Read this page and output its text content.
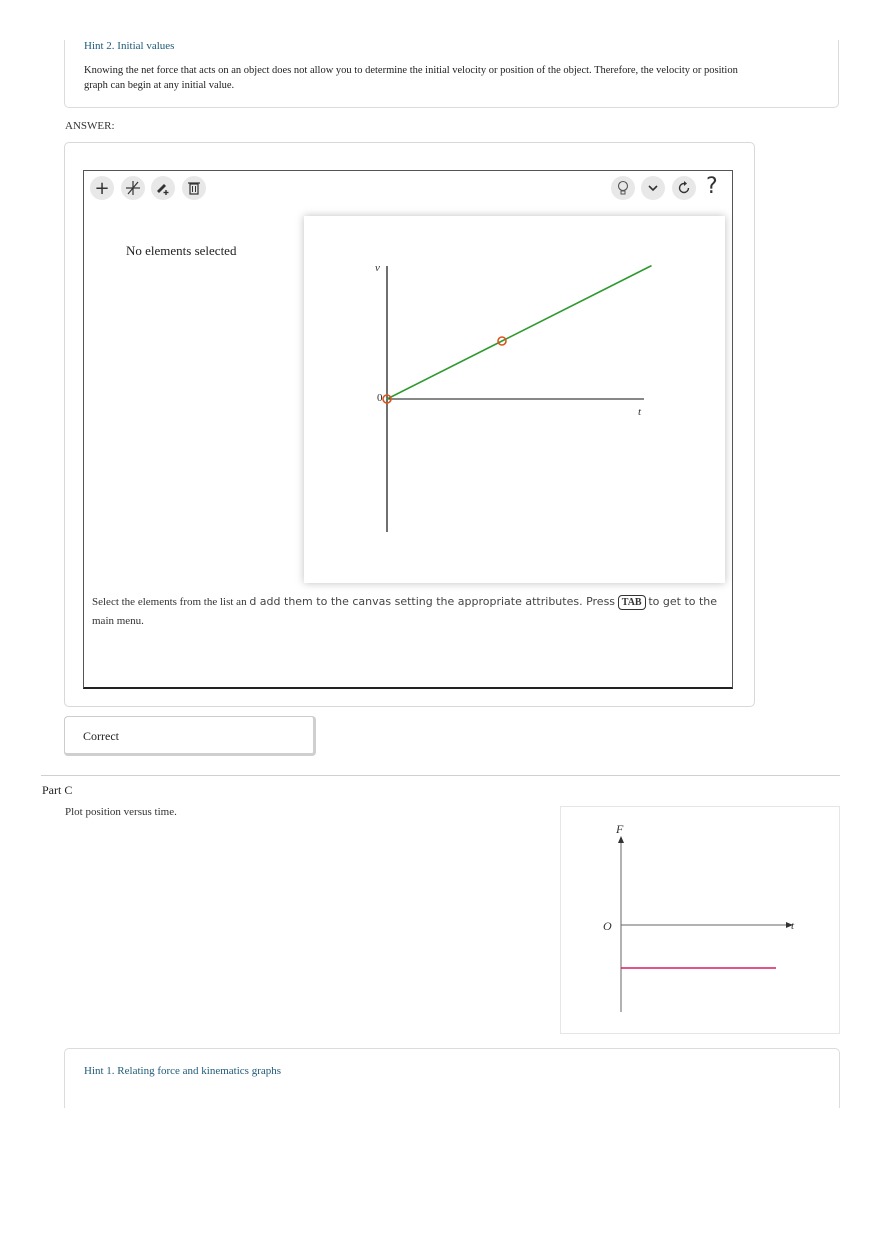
Hint 2. Initial values
Knowing the net force that acts on an object does not allow you to determine the initial velocity or position of the object. Therefore, the velocity or position graph can begin at any initial value.
ANSWER:
+	?
No elements selected
v
t
0
Select the elements from the list an d add them to the canvas setting the appropriate attributes. Press TAB to get to the
main menu.
Correct
Part C
Plot position versus time.
F
t
O
Hint 1. Relating force and kinematics graphs
